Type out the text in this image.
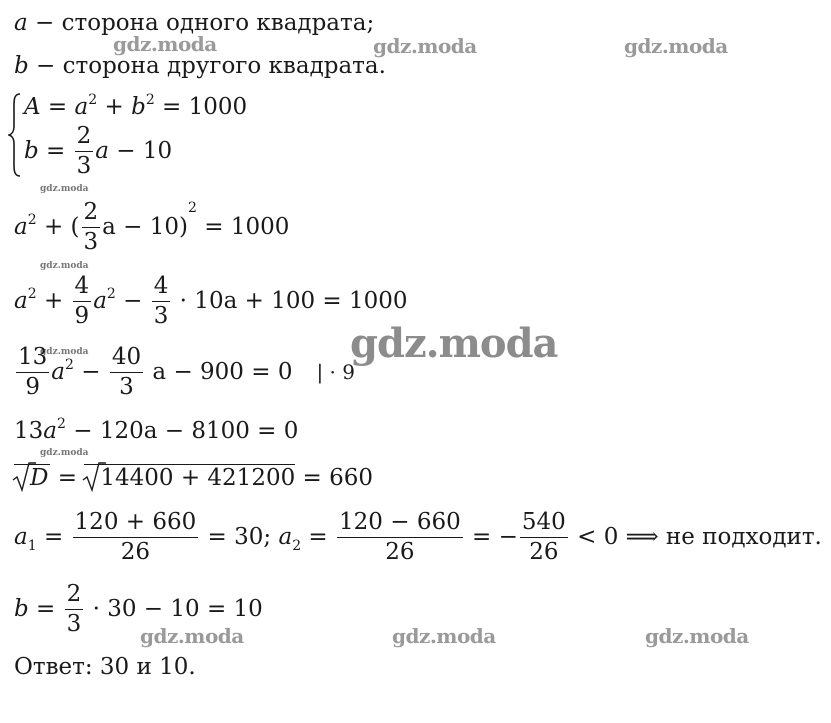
gdz.moda	gdz.moda	gdz.moda
gdz.moda
gdz.moda
gdz.moda
gdz.moda
gdz.moda
gdz.moda	gdz.moda	gdz.moda
a − сторона одного квадрата;
b − сторона другого квадрата.
$A = a^2 + b^2 = 1000$
$b = \frac{2}{3}$ a − 10
$a^2$ + ( $\frac{2}{3}$ a − 10)$^2$ = 1000
$a^2 + \frac{4}{9} a^2 - \frac{4}{3} \cdot 10a + 100 = 1000$
$\frac{13}{9} a^2 - \frac{40}{3}$ a − 900 = 0 | · 9
$13a^2 - 120a - 8100 = 0$
D =
14400 + 421200 = 660
$a_1 = \frac{120 + 660}{26} = 30$; $a_2 = \frac{120 - 660}{26}$ = − $\frac{540}{26} < 0$ ⟹ не подходит.
$b = \frac{2}{3} \cdot 30 - 10 = 10$
Ответ: 30 и 10.
